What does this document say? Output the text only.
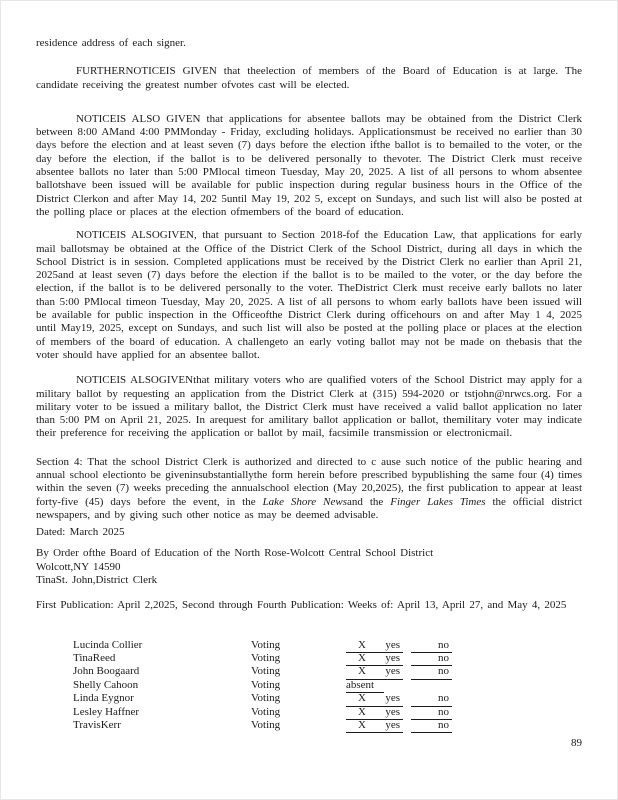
residence address of each signer.

FURTHERNOTICEIS GIVEN that theelection of members of the Board of Education is at large. The candidate receiving the greatest number ofvotes cast will be elected.

NOTICEIS ALSO GIVEN that applications for absentee ballots may be obtained from the District Clerk between 8:00 AMand 4:00 PMMonday - Friday, excluding holidays. Applicationsmust be received no earlier than 30 days before the election and at least seven (7) days before the election ifthe ballot is to bemailed to the voter, or the day before the election, if the ballot is to be delivered personally to thevoter. The District Clerk must receive absentee ballots no later than 5:00 PMlocal timeon Tuesday, May 20, 2025. A list of all persons to whom absentee ballotshave been issued will be available for public inspection during regular business hours in the Office of the District Clerkon and after May 14, 202 5until May 19, 202 5, except on Sundays, and such list will also be posted at the polling place or places at the election ofmembers of the board of education.

NOTICEIS ALSOGIVEN, that pursuant to Section 2018-fof the Education Law, that applications for early mail ballotsmay be obtained at the Office of the District Clerk of the School District, during all days in which the School District is in session. Completed applications must be received by the District Clerk no earlier than April 21, 2025and at least seven (7) days before the election if the ballot is to be mailed to the voter, or the day before the election, if the ballot is to be delivered personally to the voter. TheDistrict Clerk must receive early ballots no later than 5:00 PMlocal timeon Tuesday, May 20, 2025. A list of all persons to whom early ballots have been issued will be available for public inspection in the Officeofthe District Clerk during officehours on and after May 1 4, 2025 until May19, 2025, except on Sundays, and such list will also be posted at the polling place or places at the election of members of the board of education. A challengeto an early voting ballot may not be made on thebasis that the voter should have applied for an absentee ballot.

NOTICEIS ALSOGIVENthat military voters who are qualified voters of the School District may apply for a military ballot by requesting an application from the District Clerk at (315) 594-2020 or tstjohn@nrwcs.org. For a military voter to be issued a military ballot, the District Clerk must have received a valid ballot application no later than 5:00 PM on April 21, 2025. In arequest for amilitary ballot application or ballot, themilitary voter may indicate their preference for receiving the application or ballot by mail, facsimile transmission or electronicmail.

Section 4: That the school District Clerk is authorized and directed to c ause such notice of the public hearing and annual school electionto be giveninsubstantiallythe form herein before prescribed bypublishing the same four (4) times within the seven (7) weeks preceding the annualschool election (May 20,2025), the first publication to appear at least forty-five (45) days before the event, in the Lake Shore Newsand the Finger Lakes Times the official district newspapers, and by giving such other notice as may be deemed advisable.

Dated: March 2025

By Order ofthe Board of Education of the North Rose-Wolcott Central School District

Wolcott,NY 14590

TinaSt. John,District Clerk

First Publication: April 2,2025, Second through Fourth Publication: Weeks of: April 13, April 27, and May 4, 2025

Lucinda Collier	Voting	X yes	no
TinaReed	Voting	X yes	no
John Boogaard	Voting	X yes	no
Shelly Cahoon	Voting	absent
Linda Eygnor	Voting	X yes	no
Lesley Haffner	Voting	X yes	no
TravisKerr	Voting	X yes	no
89
